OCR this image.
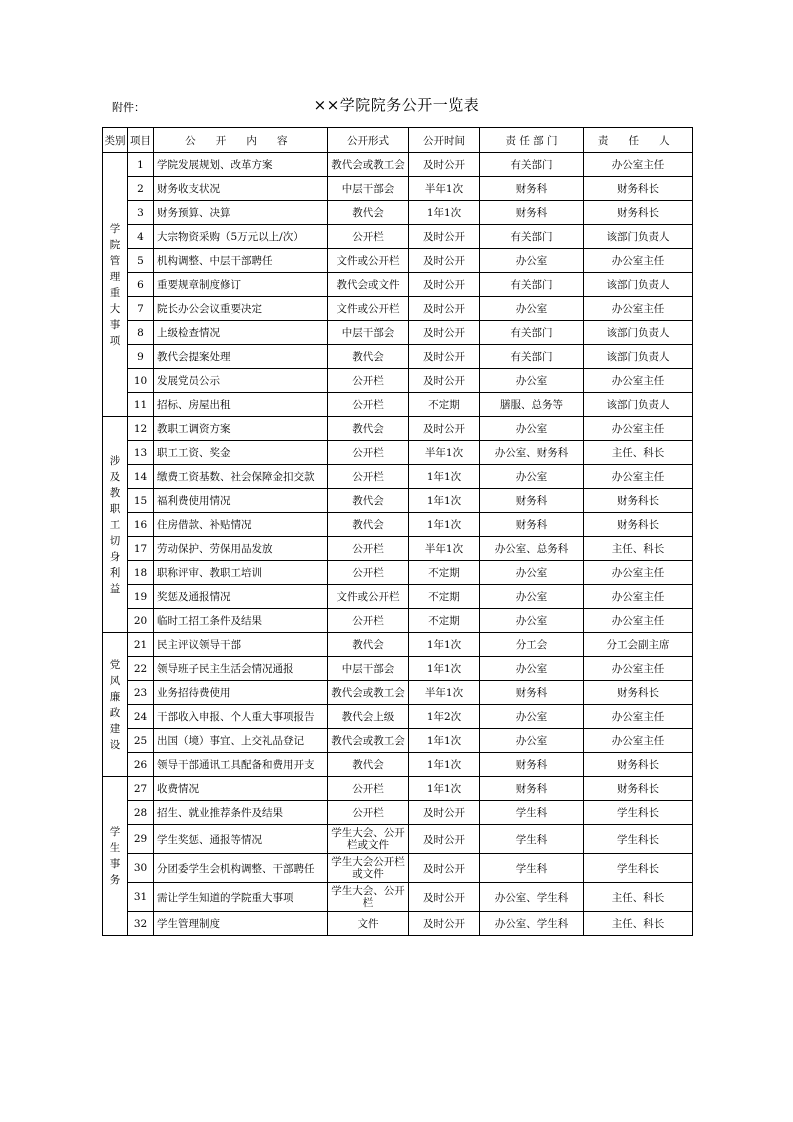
附件：	××学院院务公开一览表
类别	项目	公 开 内 容	公开形式	公开时间	责 任 部 门	责 任 人
学院管理重大事项	1	学院发展规划、改革方案	教代会或教工会	及时公开	有关部门	办公室主任
	2	财务收支状况	中层干部会	半年1次	财务科	财务科长
	3	财务预算、决算	教代会	1年1次	财务科	财务科长
	4	大宗物资采购（5万元以上/次）	公开栏	及时公开	有关部门	该部门负责人
	5	机构调整、中层干部聘任	文件或公开栏	及时公开	办公室	办公室主任
	6	重要规章制度修订	教代会或文件	及时公开	有关部门	该部门负责人
	7	院长办公会议重要决定	文件或公开栏	及时公开	办公室	办公室主任
	8	上级检查情况	中层干部会	及时公开	有关部门	该部门负责人
	9	教代会提案处理	教代会	及时公开	有关部门	该部门负责人
	10	发展党员公示	公开栏	及时公开	办公室	办公室主任
	11	招标、房屋出租	公开栏	不定期	膳服、总务等	该部门负责人
涉及教职工切身利益	12	教职工调资方案	教代会	及时公开	办公室	办公室主任
	13	职工工资、奖金	公开栏	半年1次	办公室、财务科	主任、科长
	14	缴费工资基数、社会保障金扣交款	公开栏	1年1次	办公室	办公室主任
	15	福利费使用情况	教代会	1年1次	财务科	财务科长
	16	住房借款、补贴情况	教代会	1年1次	财务科	财务科长
	17	劳动保护、劳保用品发放	公开栏	半年1次	办公室、总务科	主任、科长
	18	职称评审、教职工培训	公开栏	不定期	办公室	办公室主任
	19	奖惩及通报情况	文件或公开栏	不定期	办公室	办公室主任
	20	临时工招工条件及结果	公开栏	不定期	办公室	办公室主任
党风廉政建设	21	民主评议领导干部	教代会	1年1次	分工会	分工会副主席
	22	领导班子民主生活会情况通报	中层干部会	1年1次	办公室	办公室主任
	23	业务招待费使用	教代会或教工会	半年1次	财务科	财务科长
	24	干部收入申报、个人重大事项报告	教代会上级	1年2次	办公室	办公室主任
	25	出国（境）事宜、上交礼品登记	教代会或教工会	1年1次	办公室	办公室主任
	26	领导干部通讯工具配备和费用开支	教代会	1年1次	财务科	财务科长
学生事务	27	收费情况	公开栏	1年1次	财务科	财务科长
	28	招生、就业推荐条件及结果	公开栏	及时公开	学生科	学生科长
	29	学生奖惩、通报等情况	学生大会、公开栏或文件	及时公开	学生科	学生科长
	30	分团委学生会机构调整、干部聘任	学生大会公开栏或文件	及时公开	学生科	学生科长
	31	需让学生知道的学院重大事项	学生大会、公开栏	及时公开	办公室、学生科	主任、科长
	32	学生管理制度	文件	及时公开	办公室、学生科	主任、科长
